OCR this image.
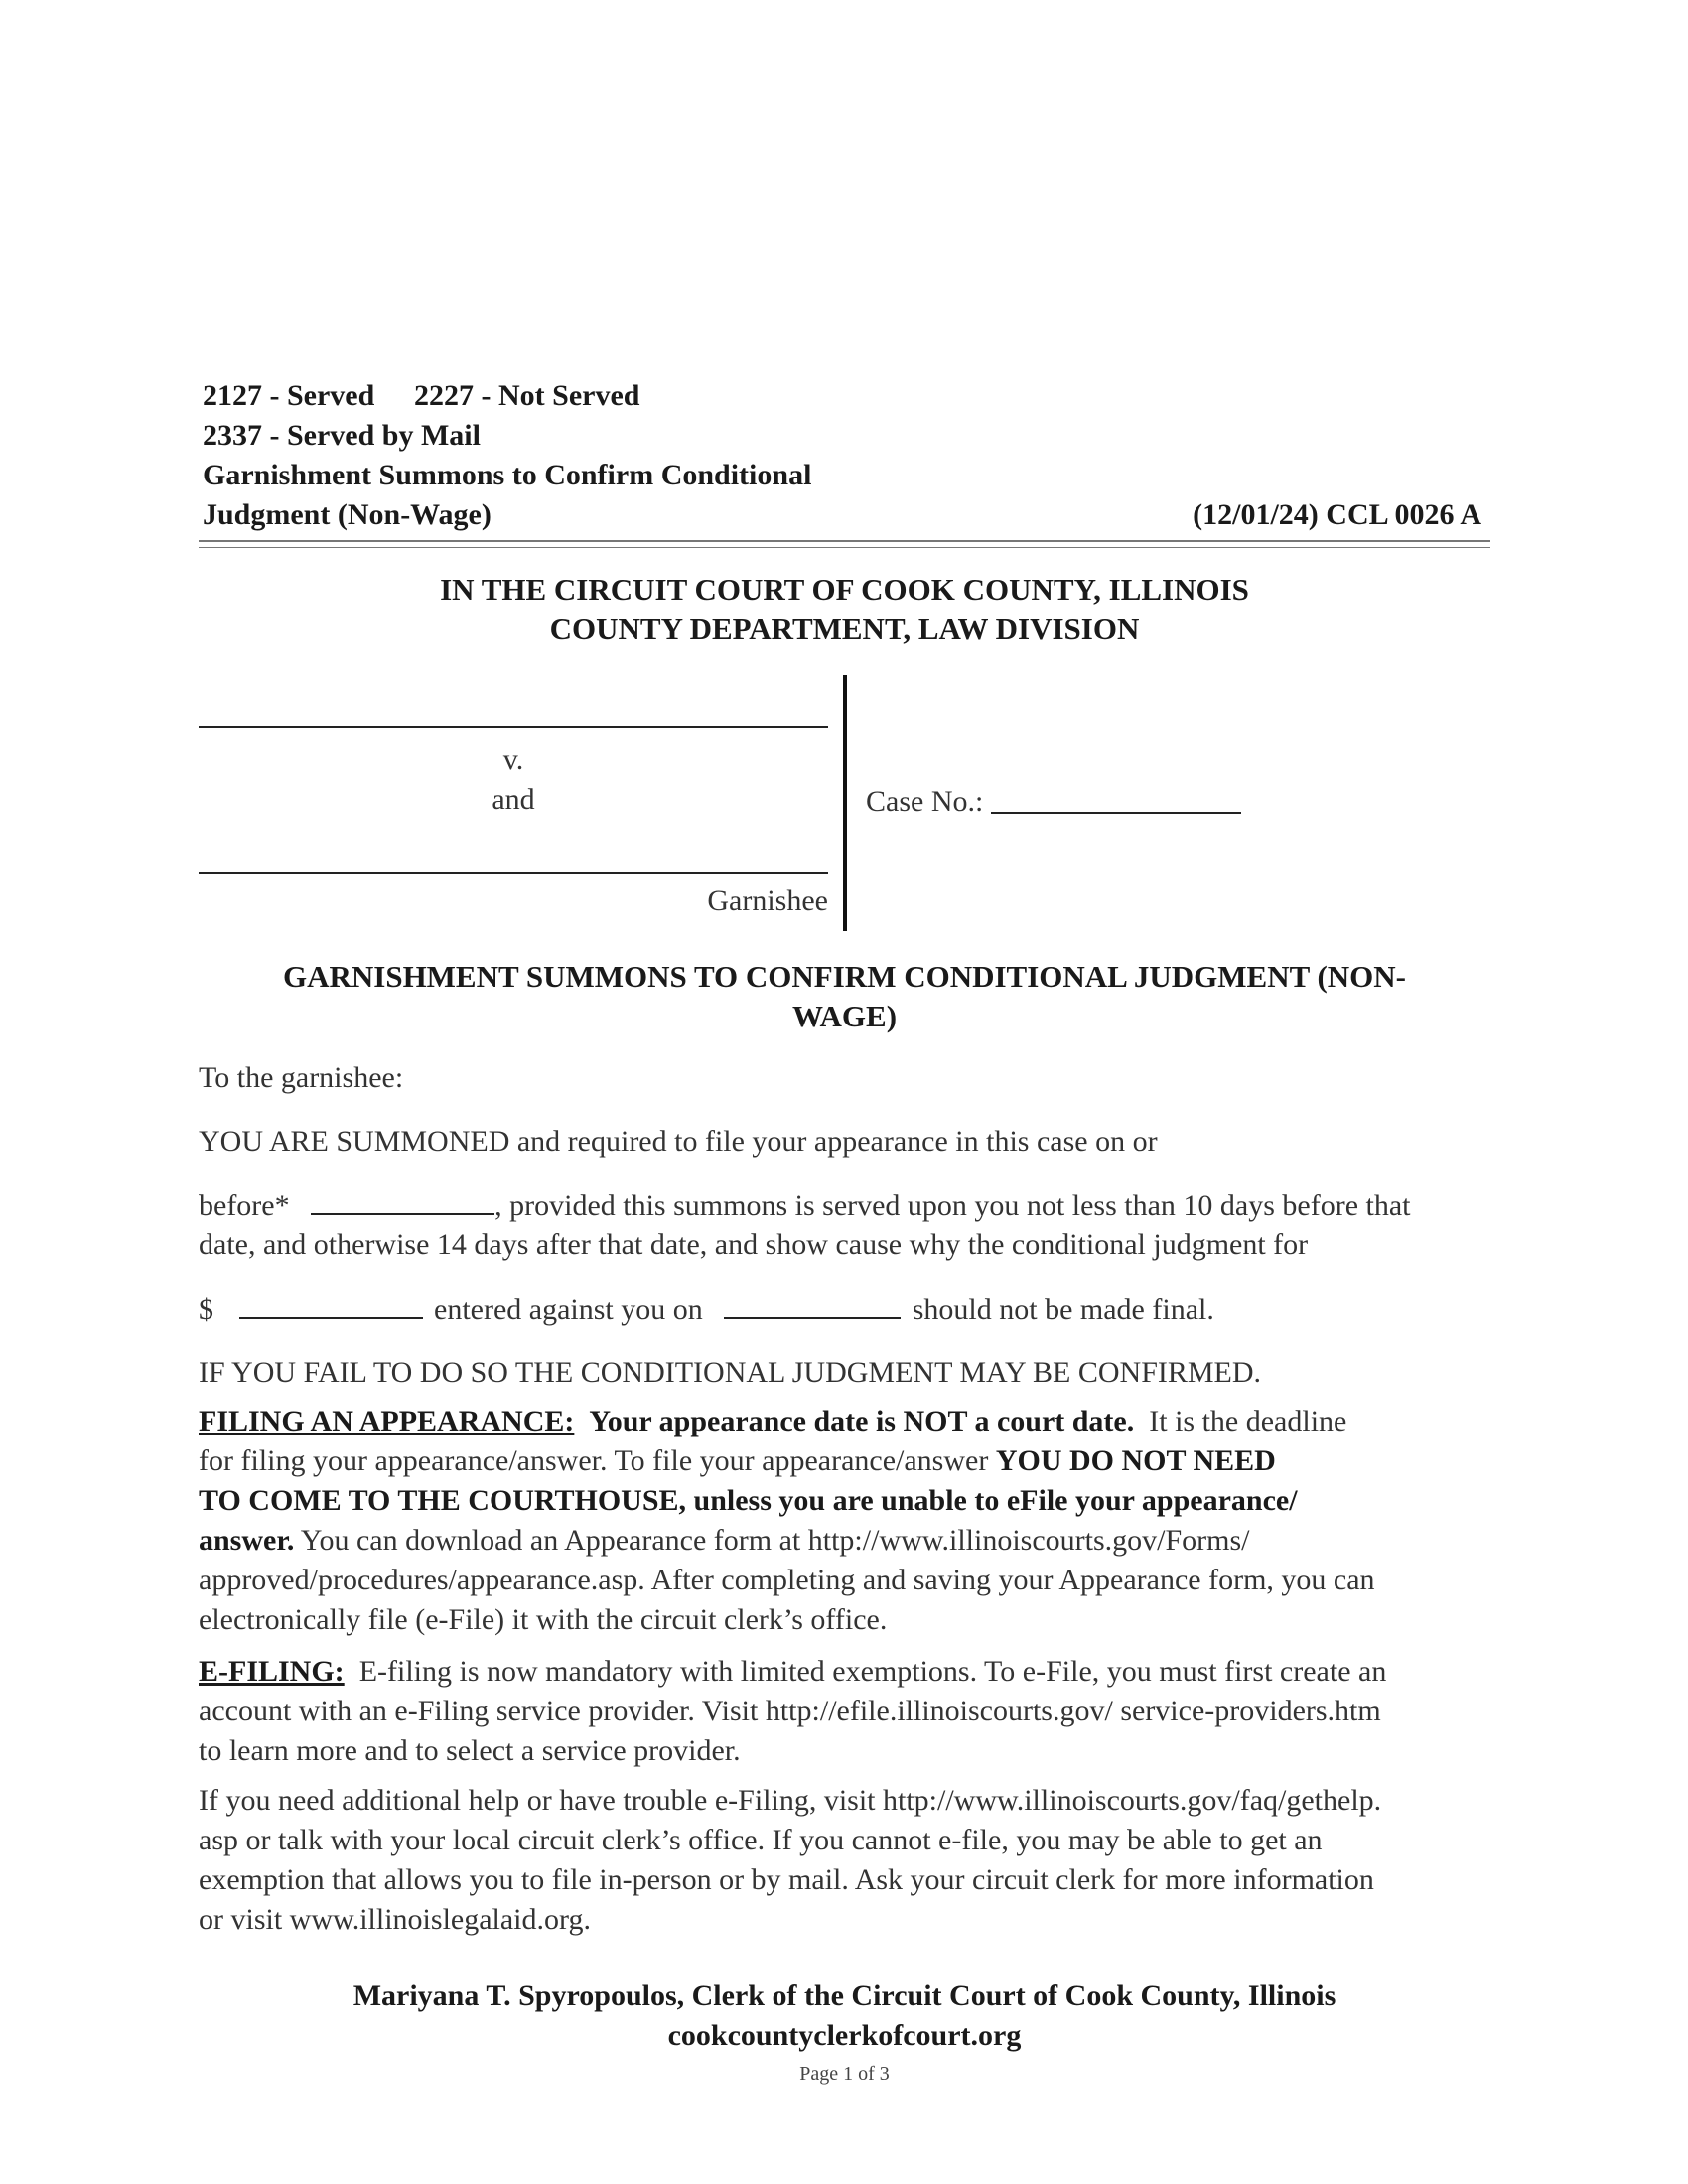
2127 - Served 2227 - Not Served
2337 - Served by Mail
Garnishment Summons to Confirm Conditional
Judgment (Non-Wage)	(12/01/24) CCL 0026 A
IN THE CIRCUIT COURT OF COOK COUNTY, ILLINOIS
COUNTY DEPARTMENT, LAW DIVISION
v.
and
Garnishee
Case No.:
GARNISHMENT SUMMONS TO CONFIRM CONDITIONAL JUDGMENT (NON-
WAGE)
To the garnishee:
YOU ARE SUMMONED and required to file your appearance in this case on or
before*	, provided this summons is served upon you not less than 10 days before that
date, and otherwise 14 days after that date, and show cause why the conditional judgment for
$	entered against you on	should not be made final.
IF YOU FAIL TO DO SO THE CONDITIONAL JUDGMENT MAY BE CONFIRMED.
FILING AN APPEARANCE: Your appearance date is NOT a court date. It is the deadline
for filing your appearance/answer. To file your appearance/answer YOU DO NOT NEED
TO COME TO THE COURTHOUSE, unless you are unable to eFile your appearance/
answer. You can download an Appearance form at http://www.illinoiscourts.gov/Forms/
approved/procedures/appearance.asp. After completing and saving your Appearance form, you can
electronically file (e-File) it with the circuit clerk’s office.
E-FILING: E-filing is now mandatory with limited exemptions. To e-File, you must first create an
account with an e-Filing service provider. Visit http://efile.illinoiscourts.gov/ service-providers.htm
to learn more and to select a service provider.
If you need additional help or have trouble e-Filing, visit http://www.illinoiscourts.gov/faq/gethelp.
asp or talk with your local circuit clerk’s office. If you cannot e-file, you may be able to get an
exemption that allows you to file in-person or by mail. Ask your circuit clerk for more information
or visit www.illinoislegalaid.org.
Mariyana T. Spyropoulos, Clerk of the Circuit Court of Cook County, Illinois
cookcountyclerkofcourt.org
Page 1 of 3
